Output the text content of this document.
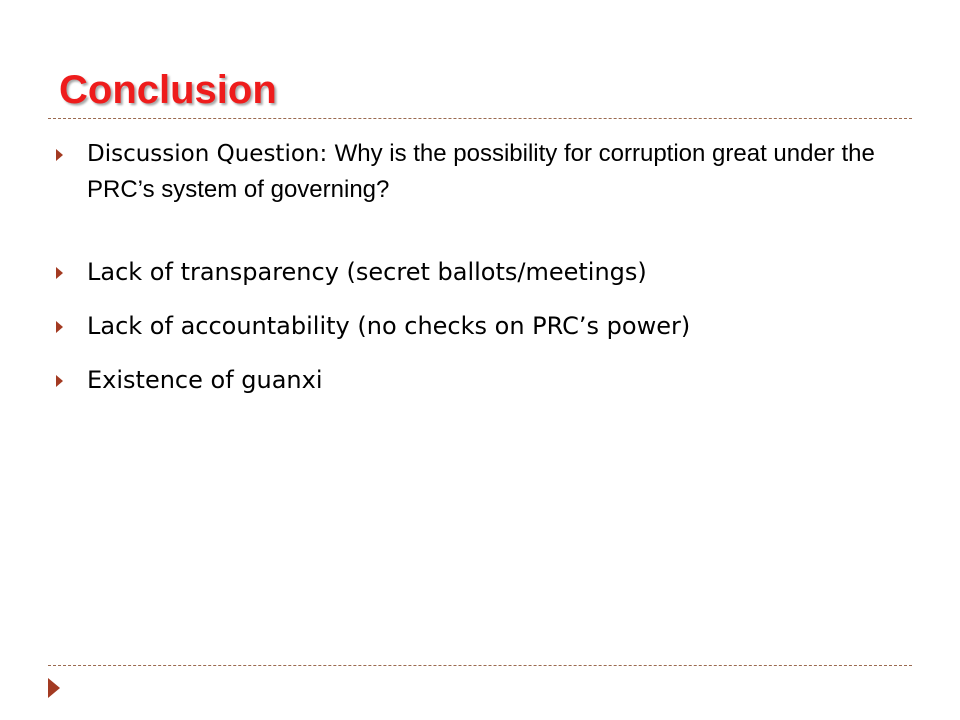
Conclusion
Discussion Question: Why is the possibility for corruption great under the PRC’s system of governing?
Lack of transparency (secret ballots/meetings)
Lack of accountability (no checks on PRC’s power)
Existence of guanxi
